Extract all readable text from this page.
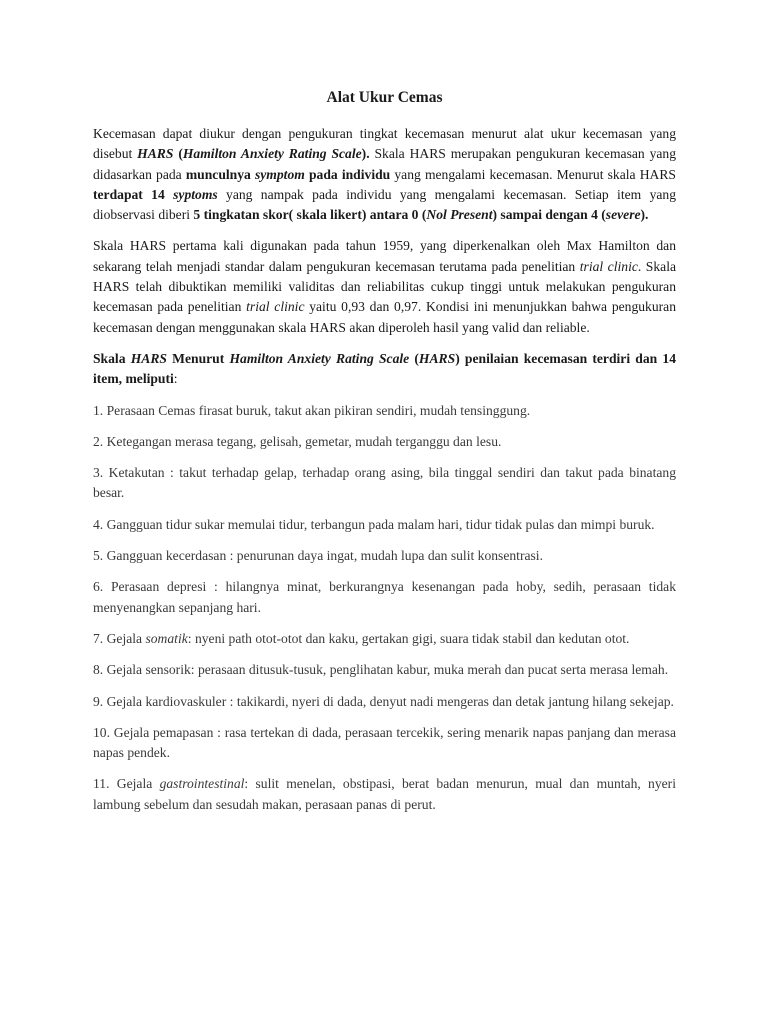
Alat Ukur Cemas

Kecemasan dapat diukur dengan pengukuran tingkat kecemasan menurut alat ukur kecemasan yang disebut HARS (Hamilton Anxiety Rating Scale). Skala HARS merupakan pengukuran kecemasan yang didasarkan pada munculnya symptom pada individu yang mengalami kecemasan. Menurut skala HARS terdapat 14 syptoms yang nampak pada individu yang mengalami kecemasan. Setiap item yang diobservasi diberi 5 tingkatan skor( skala likert) antara 0 (Nol Present) sampai dengan 4 (severe).

Skala HARS pertama kali digunakan pada tahun 1959, yang diperkenalkan oleh Max Hamilton dan sekarang telah menjadi standar dalam pengukuran kecemasan terutama pada penelitian trial clinic. Skala HARS telah dibuktikan memiliki validitas dan reliabilitas cukup tinggi untuk melakukan pengukuran kecemasan pada penelitian trial clinic yaitu 0,93 dan 0,97. Kondisi ini menunjukkan bahwa pengukuran kecemasan dengan menggunakan skala HARS akan diperoleh hasil yang valid dan reliable.

Skala HARS Menurut Hamilton Anxiety Rating Scale (HARS) penilaian kecemasan terdiri dan 14 item, meliputi:

1. Perasaan Cemas firasat buruk, takut akan pikiran sendiri, mudah tensinggung.

2. Ketegangan merasa tegang, gelisah, gemetar, mudah terganggu dan lesu.

3. Ketakutan : takut terhadap gelap, terhadap orang asing, bila tinggal sendiri dan takut pada binatang besar.

4. Gangguan tidur sukar memulai tidur, terbangun pada malam hari, tidur tidak pulas dan mimpi buruk.

5. Gangguan kecerdasan : penurunan daya ingat, mudah lupa dan sulit konsentrasi.

6. Perasaan depresi : hilangnya minat, berkurangnya kesenangan pada hoby, sedih, perasaan tidak menyenangkan sepanjang hari.

7. Gejala somatik: nyeni path otot-otot dan kaku, gertakan gigi, suara tidak stabil dan kedutan otot.

8. Gejala sensorik: perasaan ditusuk-tusuk, penglihatan kabur, muka merah dan pucat serta merasa lemah.

9. Gejala kardiovaskuler : takikardi, nyeri di dada, denyut nadi mengeras dan detak jantung hilang sekejap.

10. Gejala pemapasan : rasa tertekan di dada, perasaan tercekik, sering menarik napas panjang dan merasa napas pendek.

11. Gejala gastrointestinal: sulit menelan, obstipasi, berat badan menurun, mual dan muntah, nyeri lambung sebelum dan sesudah makan, perasaan panas di perut.
